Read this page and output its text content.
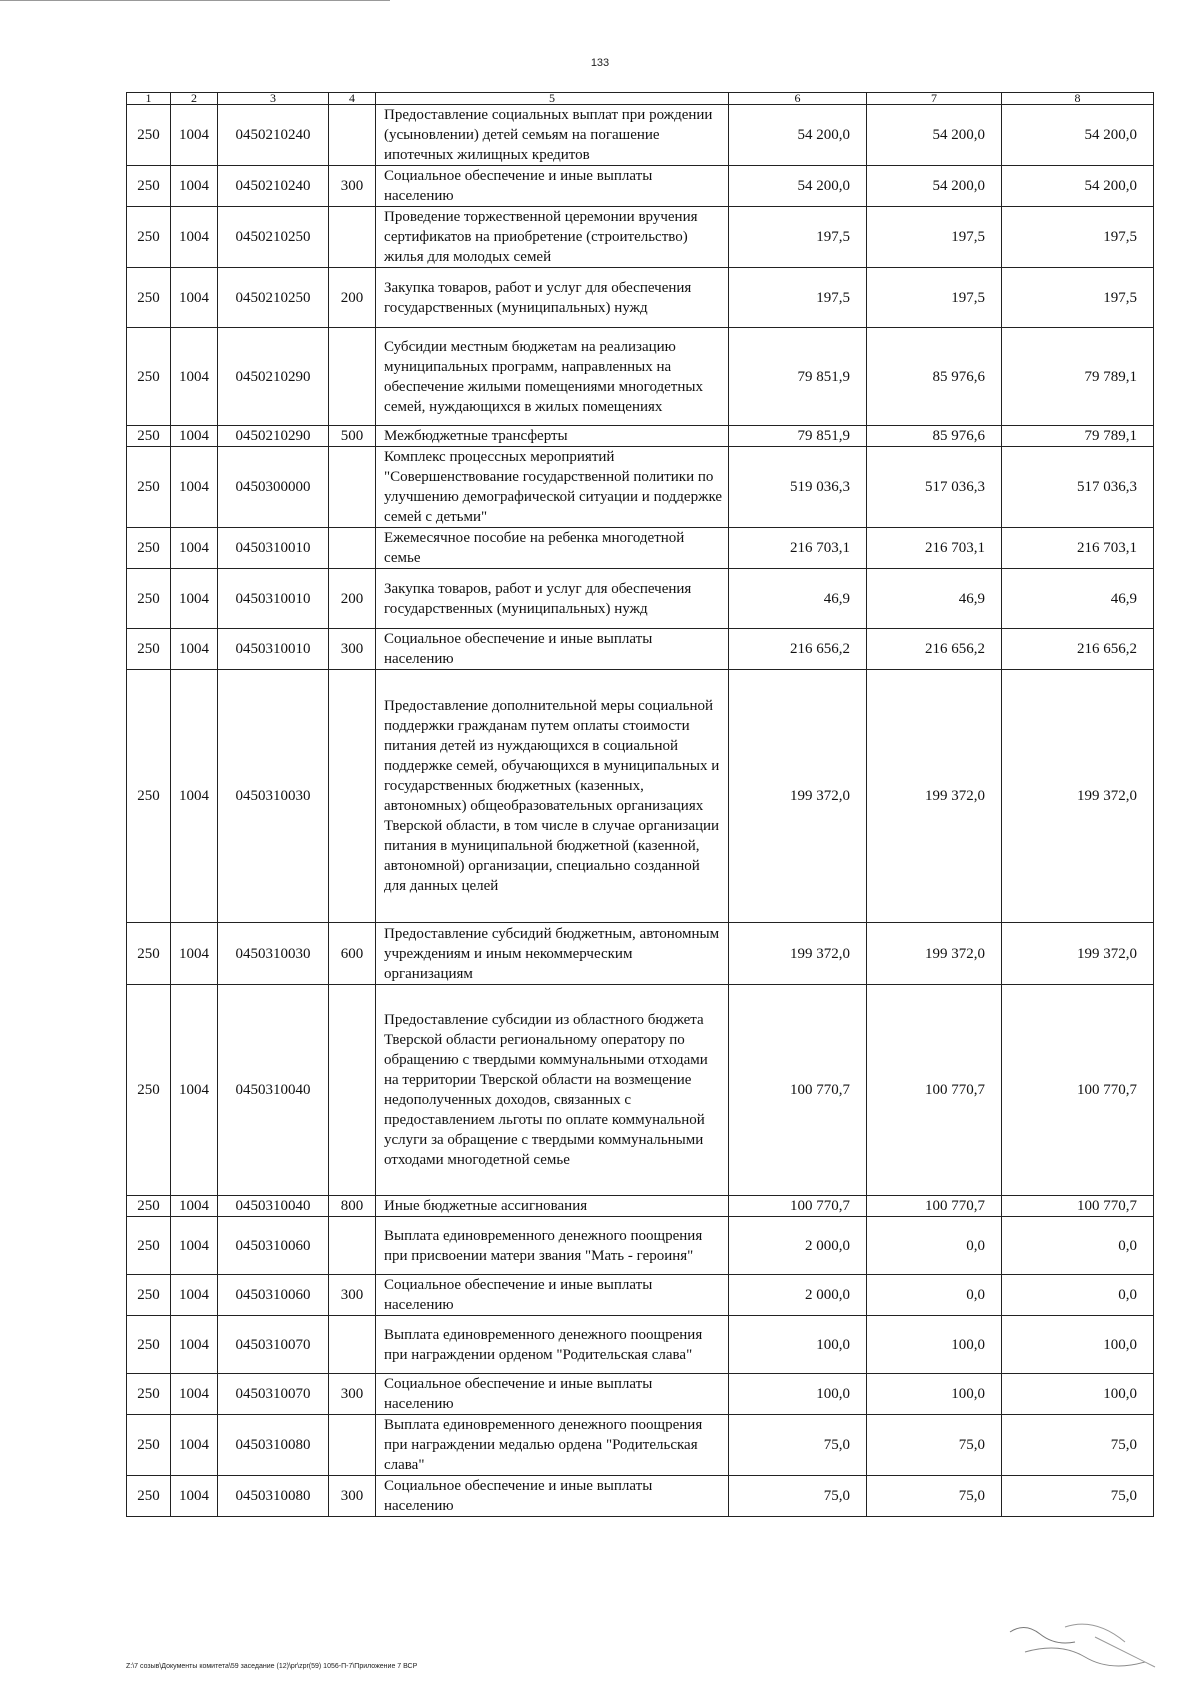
133
1	2	3	4	5	6	7	8
250	1004	0450210240		Предоставление социальных выплат при рождении (усыновлении) детей семьям на погашение ипотечных жилищных кредитов	54 200,0	54 200,0	54 200,0
250	1004	0450210240	300	Социальное обеспечение и иные выплаты населению	54 200,0	54 200,0	54 200,0
250	1004	0450210250		Проведение торжественной церемонии вручения сертификатов на приобретение (строительство) жилья для молодых семей	197,5	197,5	197,5
250	1004	0450210250	200	Закупка товаров, работ и услуг для обеспечения государственных (муниципальных) нужд	197,5	197,5	197,5
250	1004	0450210290		Субсидии местным бюджетам на реализацию муниципальных программ, направленных на обеспечение жилыми помещениями многодетных семей, нуждающихся в жилых помещениях	79 851,9	85 976,6	79 789,1
250	1004	0450210290	500	Межбюджетные трансферты	79 851,9	85 976,6	79 789,1
250	1004	0450300000		Комплекс процессных мероприятий "Совершенствование государственной политики по улучшению демографической ситуации и поддержке семей с детьми"	519 036,3	517 036,3	517 036,3
250	1004	0450310010		Ежемесячное пособие на ребенка многодетной семье	216 703,1	216 703,1	216 703,1
250	1004	0450310010	200	Закупка товаров, работ и услуг для обеспечения государственных (муниципальных) нужд	46,9	46,9	46,9
250	1004	0450310010	300	Социальное обеспечение и иные выплаты населению	216 656,2	216 656,2	216 656,2
250	1004	0450310030		Предоставление дополнительной меры социальной поддержки гражданам путем оплаты стоимости питания детей из нуждающихся в социальной поддержке семей, обучающихся в муниципальных и государственных бюджетных (казенных, автономных) общеобразовательных организациях Тверской области, в том числе в случае организации питания в муниципальной бюджетной (казенной, автономной) организации, специально созданной для данных целей	199 372,0	199 372,0	199 372,0
250	1004	0450310030	600	Предоставление субсидий бюджетным, автономным учреждениям и иным некоммерческим организациям	199 372,0	199 372,0	199 372,0
250	1004	0450310040		Предоставление субсидии из областного бюджета Тверской области региональному оператору по обращению с твердыми коммунальными отходами на территории Тверской области на возмещение недополученных доходов, связанных с предоставлением льготы по оплате коммунальной услуги за обращение с твердыми коммунальными отходами многодетной семье	100 770,7	100 770,7	100 770,7
250	1004	0450310040	800	Иные бюджетные ассигнования	100 770,7	100 770,7	100 770,7
250	1004	0450310060		Выплата единовременного денежного поощрения при присвоении матери звания "Мать - героиня"	2 000,0	0,0	0,0
250	1004	0450310060	300	Социальное обеспечение и иные выплаты населению	2 000,0	0,0	0,0
250	1004	0450310070		Выплата единовременного денежного поощрения при награждении орденом "Родительская слава"	100,0	100,0	100,0
250	1004	0450310070	300	Социальное обеспечение и иные выплаты населению	100,0	100,0	100,0
250	1004	0450310080		Выплата единовременного денежного поощрения при награждении медалью ордена "Родительская слава"	75,0	75,0	75,0
250	1004	0450310080	300	Социальное обеспечение и иные выплаты населению	75,0	75,0	75,0
Z:\7 созыв\Документы комитета\59 заседание (12)\pr\zpr(59) 1056-П-7\Приложение 7 ВСР
